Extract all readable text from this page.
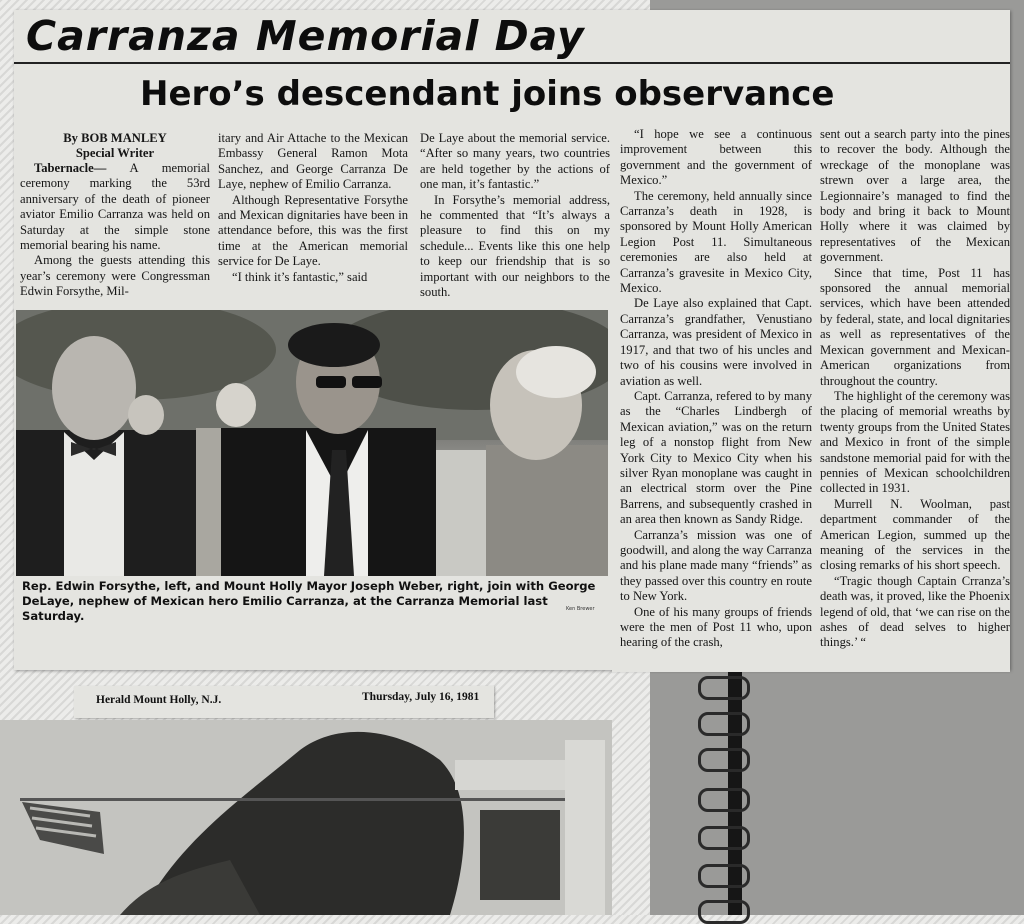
Carranza Memorial Day
Hero’s descendant joins observance
By BOB MANLEY
Special Writer

Tabernacle— A memorial ceremony marking the 53rd anniversary of the death of pioneer aviator Emilio Carranza was held on Saturday at the simple stone memorial bearing his name.

Among the guests attending this year’s ceremony were Congressman Edwin Forsythe, Mil-

itary and Air Attache to the Mexican Embassy General Ramon Mota Sanchez, and George Carranza De Laye, nephew of Emilio Carranza.

Although Representative Forsythe and Mexican dignitaries have been in attendance before, this was the first time at the American memorial service for De Laye.

“I think it’s fantastic,” said

De Laye about the memorial service. “After so many years, two countries are held together by the actions of one man, it’s fantastic.”

In Forsythe’s memorial address, he commented that “It’s always a pleasure to find this on my schedule... Events like this one help to keep our friendship that is so important with our neighbors to the south.

“I hope we see a continuous improvement between this government and the government of Mexico.”

The ceremony, held annually since Carranza’s death in 1928, is sponsored by Mount Holly American Legion Post 11. Simultaneous ceremonies are also held at Carranza’s gravesite in Mexico City, Mexico.

De Laye also explained that Capt. Carranza’s grandfather, Venustiano Carranza, was president of Mexico in 1917, and that two of his uncles and two of his cousins were involved in aviation as well.

Capt. Carranza, refered to by many as the “Charles Lindbergh of Mexican aviation,” was on the return leg of a nonstop flight from New York City to Mexico City when his silver Ryan monoplane was caught in an electrical storm over the Pine Barrens, and subsequently crashed in an area then known as Sandy Ridge.

Carranza’s mission was one of goodwill, and along the way Carranza and his plane made many “friends” as they passed over this country en route to New York.

One of his many groups of friends were the men of Post 11 who, upon hearing of the crash,

sent out a search party into the pines to recover the body. Although the wreckage of the monoplane was strewn over a large area, the Legionnaire’s managed to find the body and bring it back to Mount Holly where it was claimed by representatives of the Mexican government.

Since that time, Post 11 has sponsored the annual memorial services, which have been attended by federal, state, and local dignitaries as well as representatives of the Mexican government and Mexican-American organizations from throughout the country.

The highlight of the ceremony was the placing of memorial wreaths by twenty groups from the United States and Mexico in front of the simple sandstone memorial paid for with the pennies of Mexican schoolchildren collected in 1931.

Murrell N. Woolman, past department commander of the American Legion, summed up the meaning of the services in the closing remarks of his short speech.

“Tragic though Captain Crranza’s death was, it proved, like the Phoenix legend of old, that ‘we can rise on the ashes of dead selves to higher things.’ “

Rep. Edwin Forsythe, left, and Mount Holly Mayor Joseph Weber, right, join with George DeLaye, nephew of Mexican hero Emilio Carranza, at the Carranza Memorial last Saturday.	Ken Brewer
Herald Mount Holly, N.J.	Thursday, July 16, 1981
